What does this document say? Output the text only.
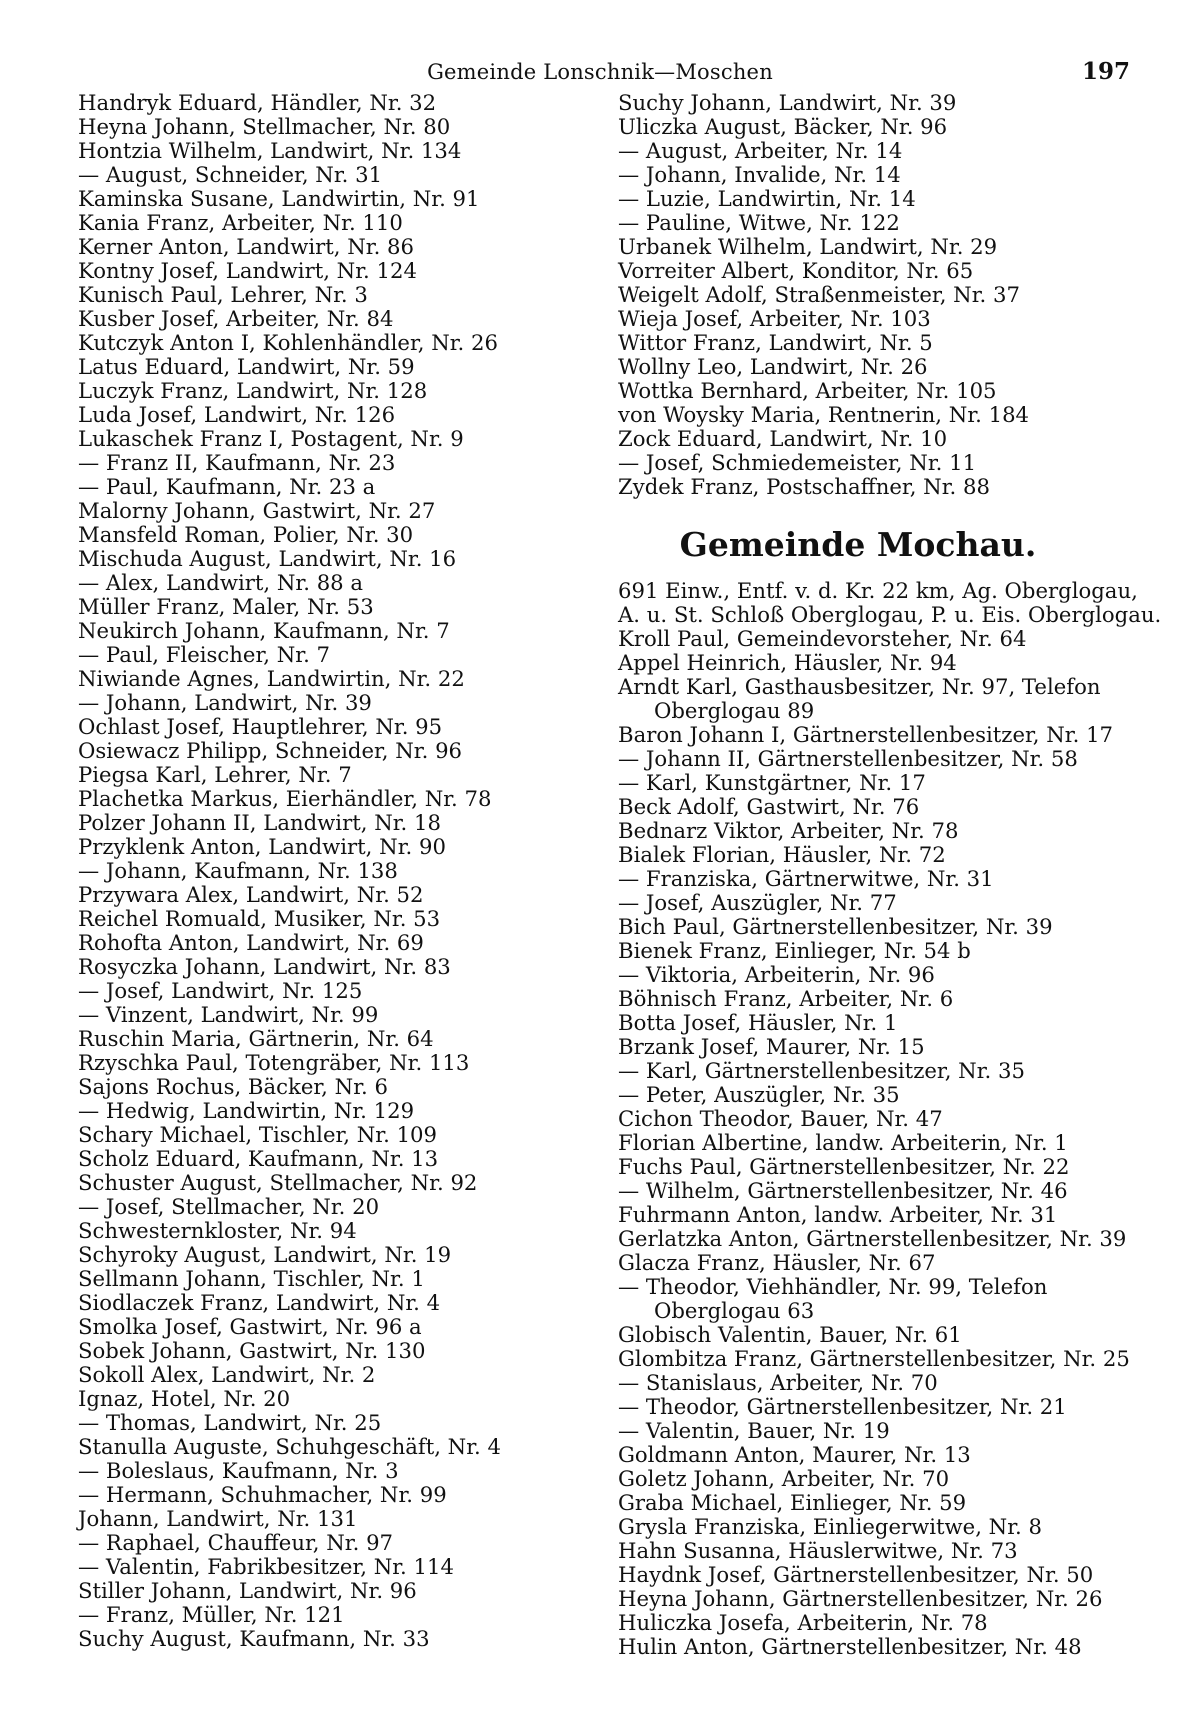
Gemeinde Lonschnik—Moschen	197
Handryk Eduard, Händler, Nr. 32
Heyna Johann, Stellmacher, Nr. 80
Hontzia Wilhelm, Landwirt, Nr. 134
— August, Schneider, Nr. 31
Kaminska Susane, Landwirtin, Nr. 91
Kania Franz, Arbeiter, Nr. 110
Kerner Anton, Landwirt, Nr. 86
Kontny Josef, Landwirt, Nr. 124
Kunisch Paul, Lehrer, Nr. 3
Kusber Josef, Arbeiter, Nr. 84
Kutczyk Anton I, Kohlenhändler, Nr. 26
Latus Eduard, Landwirt, Nr. 59
Luczyk Franz, Landwirt, Nr. 128
Luda Josef, Landwirt, Nr. 126
Lukaschek Franz I, Postagent, Nr. 9
— Franz II, Kaufmann, Nr. 23
— Paul, Kaufmann, Nr. 23 a
Malorny Johann, Gastwirt, Nr. 27
Mansfeld Roman, Polier, Nr. 30
Mischuda August, Landwirt, Nr. 16
— Alex, Landwirt, Nr. 88 a
Müller Franz, Maler, Nr. 53
Neukirch Johann, Kaufmann, Nr. 7
— Paul, Fleischer, Nr. 7
Niwiande Agnes, Landwirtin, Nr. 22
— Johann, Landwirt, Nr. 39
Ochlast Josef, Hauptlehrer, Nr. 95
Osiewacz Philipp, Schneider, Nr. 96
Piegsa Karl, Lehrer, Nr. 7
Plachetka Markus, Eierhändler, Nr. 78
Polzer Johann II, Landwirt, Nr. 18
Przyklenk Anton, Landwirt, Nr. 90
— Johann, Kaufmann, Nr. 138
Przywara Alex, Landwirt, Nr. 52
Reichel Romuald, Musiker, Nr. 53
Rohofta Anton, Landwirt, Nr. 69
Rosyczka Johann, Landwirt, Nr. 83
— Josef, Landwirt, Nr. 125
— Vinzent, Landwirt, Nr. 99
Ruschin Maria, Gärtnerin, Nr. 64
Rzyschka Paul, Totengräber, Nr. 113
Sajons Rochus, Bäcker, Nr. 6
— Hedwig, Landwirtin, Nr. 129
Schary Michael, Tischler, Nr. 109
Scholz Eduard, Kaufmann, Nr. 13
Schuster August, Stellmacher, Nr. 92
— Josef, Stellmacher, Nr. 20
Schwesternkloster, Nr. 94
Schyroky August, Landwirt, Nr. 19
Sellmann Johann, Tischler, Nr. 1
Siodlaczek Franz, Landwirt, Nr. 4
Smolka Josef, Gastwirt, Nr. 96 a
Sobek Johann, Gastwirt, Nr. 130
Sokoll Alex, Landwirt, Nr. 2
Ignaz, Hotel, Nr. 20
— Thomas, Landwirt, Nr. 25
Stanulla Auguste, Schuhgeschäft, Nr. 4
— Boleslaus, Kaufmann, Nr. 3
— Hermann, Schuhmacher, Nr. 99
Johann, Landwirt, Nr. 131
— Raphael, Chauffeur, Nr. 97
— Valentin, Fabrikbesitzer, Nr. 114
Stiller Johann, Landwirt, Nr. 96
— Franz, Müller, Nr. 121
Suchy August, Kaufmann, Nr. 33
Suchy Johann, Landwirt, Nr. 39
Uliczka August, Bäcker, Nr. 96
— August, Arbeiter, Nr. 14
— Johann, Invalide, Nr. 14
— Luzie, Landwirtin, Nr. 14
— Pauline, Witwe, Nr. 122
Urbanek Wilhelm, Landwirt, Nr. 29
Vorreiter Albert, Konditor, Nr. 65
Weigelt Adolf, Straßenmeister, Nr. 37
Wieja Josef, Arbeiter, Nr. 103
Wittor Franz, Landwirt, Nr. 5
Wollny Leo, Landwirt, Nr. 26
Wottka Bernhard, Arbeiter, Nr. 105
von Woysky Maria, Rentnerin, Nr. 184
Zock Eduard, Landwirt, Nr. 10
— Josef, Schmiedemeister, Nr. 11
Zydek Franz, Postschaffner, Nr. 88
Gemeinde Mochau.
691 Einw., Entf. v. d. Kr. 22 km, Ag. Oberglogau,
A. u. St. Schloß Oberglogau, P. u. Eis. Oberglogau.
Kroll Paul, Gemeindevorsteher, Nr. 64
Appel Heinrich, Häusler, Nr. 94
Arndt Karl, Gasthausbesitzer, Nr. 97, Telefon
Oberglogau 89
Baron Johann I, Gärtnerstellenbesitzer, Nr. 17
— Johann II, Gärtnerstellenbesitzer, Nr. 58
— Karl, Kunstgärtner, Nr. 17
Beck Adolf, Gastwirt, Nr. 76
Bednarz Viktor, Arbeiter, Nr. 78
Bialek Florian, Häusler, Nr. 72
— Franziska, Gärtnerwitwe, Nr. 31
— Josef, Auszügler, Nr. 77
Bich Paul, Gärtnerstellenbesitzer, Nr. 39
Bienek Franz, Einlieger, Nr. 54 b
— Viktoria, Arbeiterin, Nr. 96
Böhnisch Franz, Arbeiter, Nr. 6
Botta Josef, Häusler, Nr. 1
Brzank Josef, Maurer, Nr. 15
— Karl, Gärtnerstellenbesitzer, Nr. 35
— Peter, Auszügler, Nr. 35
Cichon Theodor, Bauer, Nr. 47
Florian Albertine, landw. Arbeiterin, Nr. 1
Fuchs Paul, Gärtnerstellenbesitzer, Nr. 22
— Wilhelm, Gärtnerstellenbesitzer, Nr. 46
Fuhrmann Anton, landw. Arbeiter, Nr. 31
Gerlatzka Anton, Gärtnerstellenbesitzer, Nr. 39
Glacza Franz, Häusler, Nr. 67
— Theodor, Viehhändler, Nr. 99, Telefon
Oberglogau 63
Globisch Valentin, Bauer, Nr. 61
Glombitza Franz, Gärtnerstellenbesitzer, Nr. 25
— Stanislaus, Arbeiter, Nr. 70
— Theodor, Gärtnerstellenbesitzer, Nr. 21
— Valentin, Bauer, Nr. 19
Goldmann Anton, Maurer, Nr. 13
Goletz Johann, Arbeiter, Nr. 70
Graba Michael, Einlieger, Nr. 59
Grysla Franziska, Einliegerwitwe, Nr. 8
Hahn Susanna, Häuslerwitwe, Nr. 73
Haydnk Josef, Gärtnerstellenbesitzer, Nr. 50
Heyna Johann, Gärtnerstellenbesitzer, Nr. 26
Huliczka Josefa, Arbeiterin, Nr. 78
Hulin Anton, Gärtnerstellenbesitzer, Nr. 48
